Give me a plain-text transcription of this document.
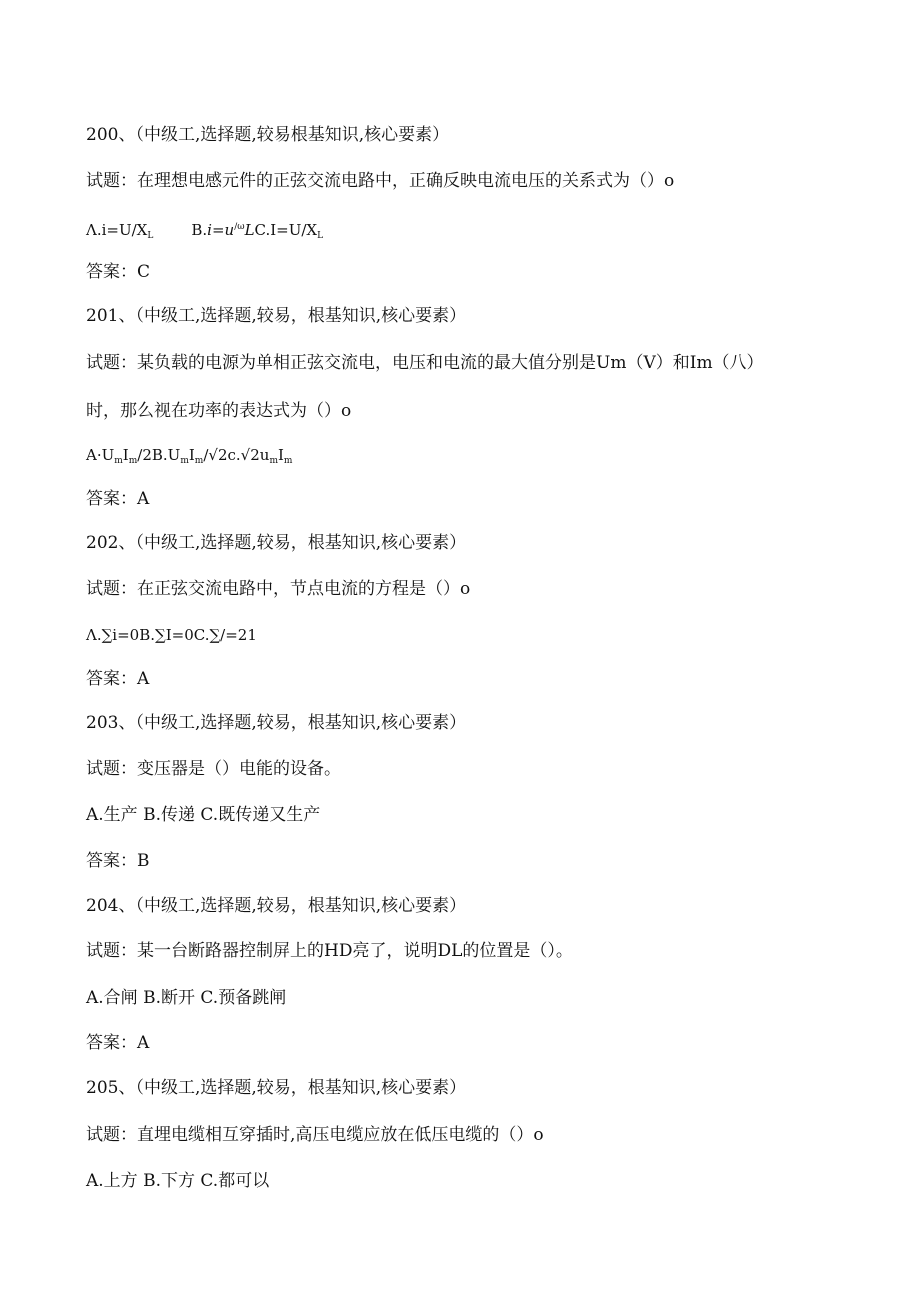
200、（中级工,选择题,较易根基知识,核心要素）
试题：在理想电感元件的正弦交流电路中，正确反映电流电压的关系式为（）o
$\Lambda.i=U∕X_L$	$B.i=u^{∕\omega}LC.I=U∕X_L$
答案：C
201、（中级工,选择题,较易，根基知识,核心要素）
试题：某负载的电源为单相正弦交流电，电压和电流的最大值分别是Um（V）和Im（八）
时，那么视在功率的表达式为（）o
$A\cdot U_mI_m∕2B.U_mI_m∕√2c.√2u_mI_m$
答案：A
202、（中级工,选择题,较易，根基知识,核心要素）
试题：在正弦交流电路中，节点电流的方程是（）o
Λ.∑i=0B.∑I=0C.∑/=21
答案：A
203、（中级工,选择题,较易，根基知识,核心要素）
试题：变压器是（）电能的设备。
A.生产 B.传递 C.既传递又生产
答案：B
204、（中级工,选择题,较易，根基知识,核心要素）
试题：某一台断路器控制屏上的HD亮了，说明DL的位置是（）。
A.合闸 B.断开 C.预备跳闸
答案：A
205、（中级工,选择题,较易，根基知识,核心要素）
试题：直埋电缆相互穿插时,高压电缆应放在低压电缆的（）o
A.上方 B.下方 C.都可以
